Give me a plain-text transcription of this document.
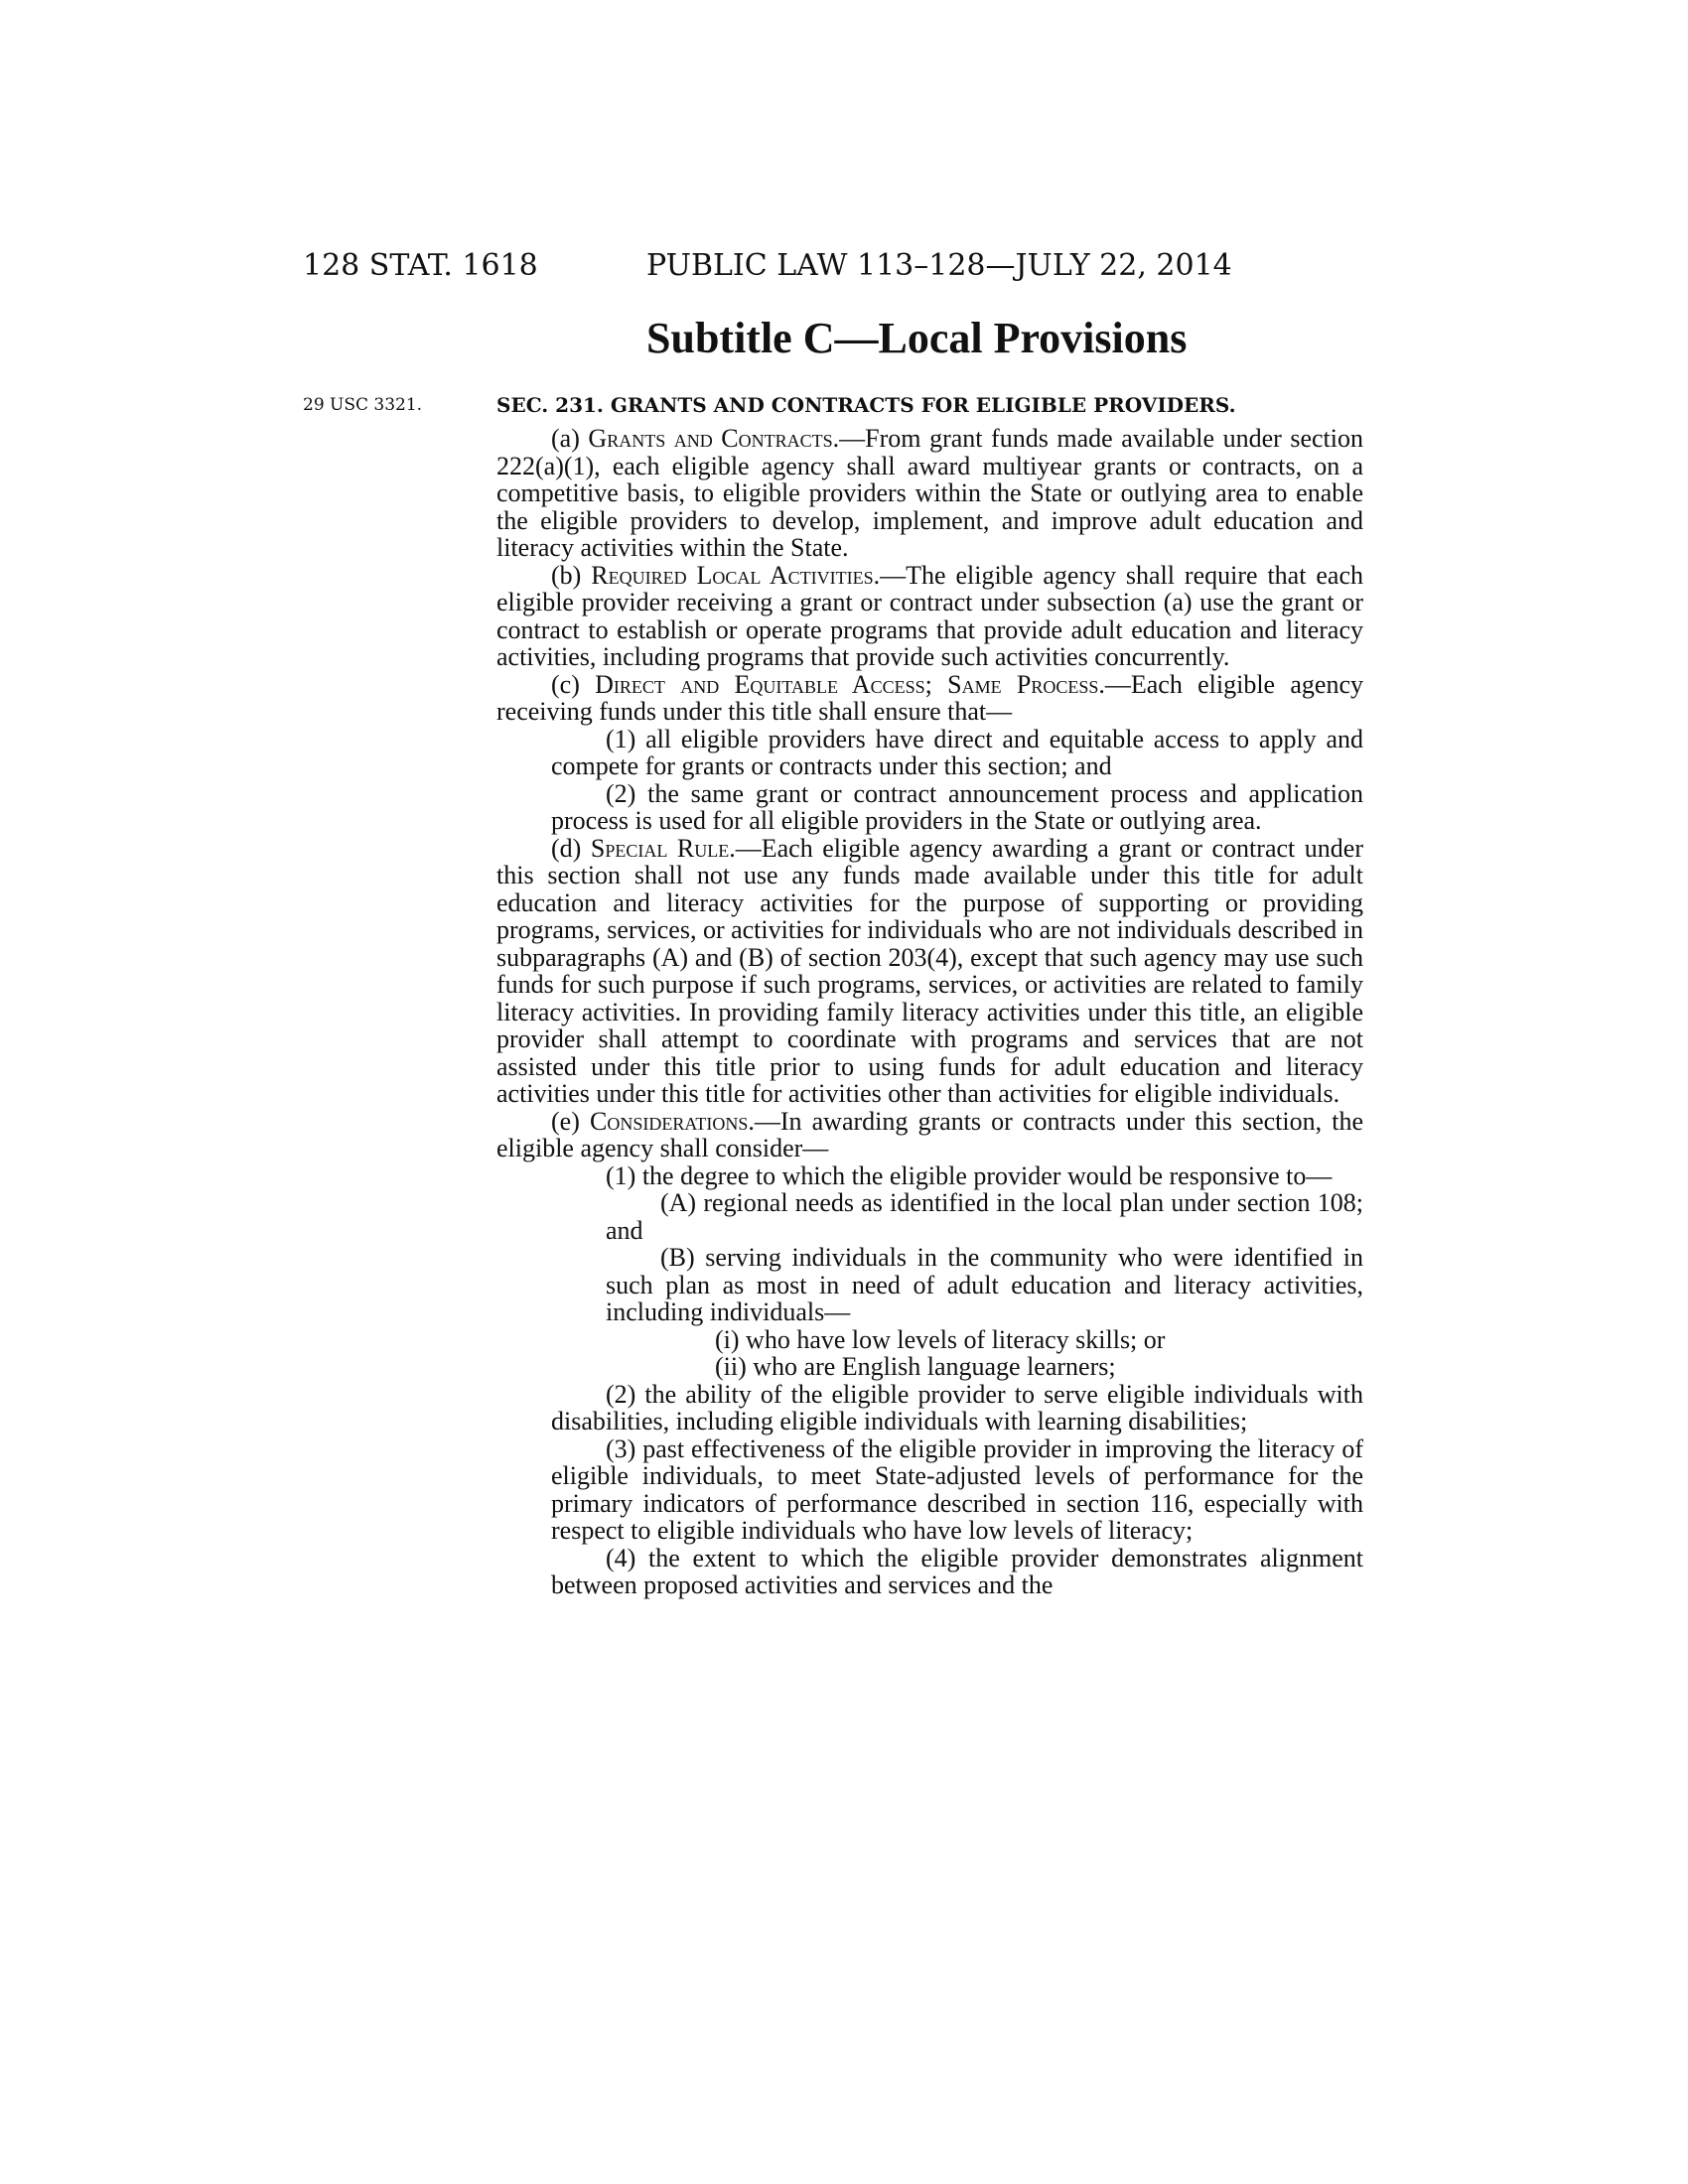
128 STAT. 1618	PUBLIC LAW 113–128—JULY 22, 2014
Subtitle C—Local Provisions
29 USC 3321.	SEC. 231. GRANTS AND CONTRACTS FOR ELIGIBLE PROVIDERS.

(a) Grants and Contracts.—From grant funds made available under section 222(a)(1), each eligible agency shall award multiyear grants or contracts, on a competitive basis, to eligible providers within the State or outlying area to enable the eligible providers to develop, implement, and improve adult education and literacy activities within the State.

(b) Required Local Activities.—The eligible agency shall require that each eligible provider receiving a grant or contract under subsection (a) use the grant or contract to establish or operate programs that provide adult education and literacy activities, including programs that provide such activities concurrently.

(c) Direct and Equitable Access; Same Process.—Each eligible agency receiving funds under this title shall ensure that—

(1) all eligible providers have direct and equitable access to apply and compete for grants or contracts under this section; and

(2) the same grant or contract announcement process and application process is used for all eligible providers in the State or outlying area.

(d) Special Rule.—Each eligible agency awarding a grant or contract under this section shall not use any funds made available under this title for adult education and literacy activities for the purpose of supporting or providing programs, services, or activities for individuals who are not individuals described in subparagraphs (A) and (B) of section 203(4), except that such agency may use such funds for such purpose if such programs, services, or activities are related to family literacy activities. In providing family literacy activities under this title, an eligible provider shall attempt to coordinate with programs and services that are not assisted under this title prior to using funds for adult education and literacy activities under this title for activities other than activities for eligible individuals.

(e) Considerations.—In awarding grants or contracts under this section, the eligible agency shall consider—

(1) the degree to which the eligible provider would be responsive to—

(A) regional needs as identified in the local plan under section 108; and

(B) serving individuals in the community who were identified in such plan as most in need of adult education and literacy activities, including individuals—

(i) who have low levels of literacy skills; or

(ii) who are English language learners;

(2) the ability of the eligible provider to serve eligible individuals with disabilities, including eligible individuals with learning disabilities;

(3) past effectiveness of the eligible provider in improving the literacy of eligible individuals, to meet State-adjusted levels of performance for the primary indicators of performance described in section 116, especially with respect to eligible individuals who have low levels of literacy;

(4) the extent to which the eligible provider demonstrates alignment between proposed activities and services and the
